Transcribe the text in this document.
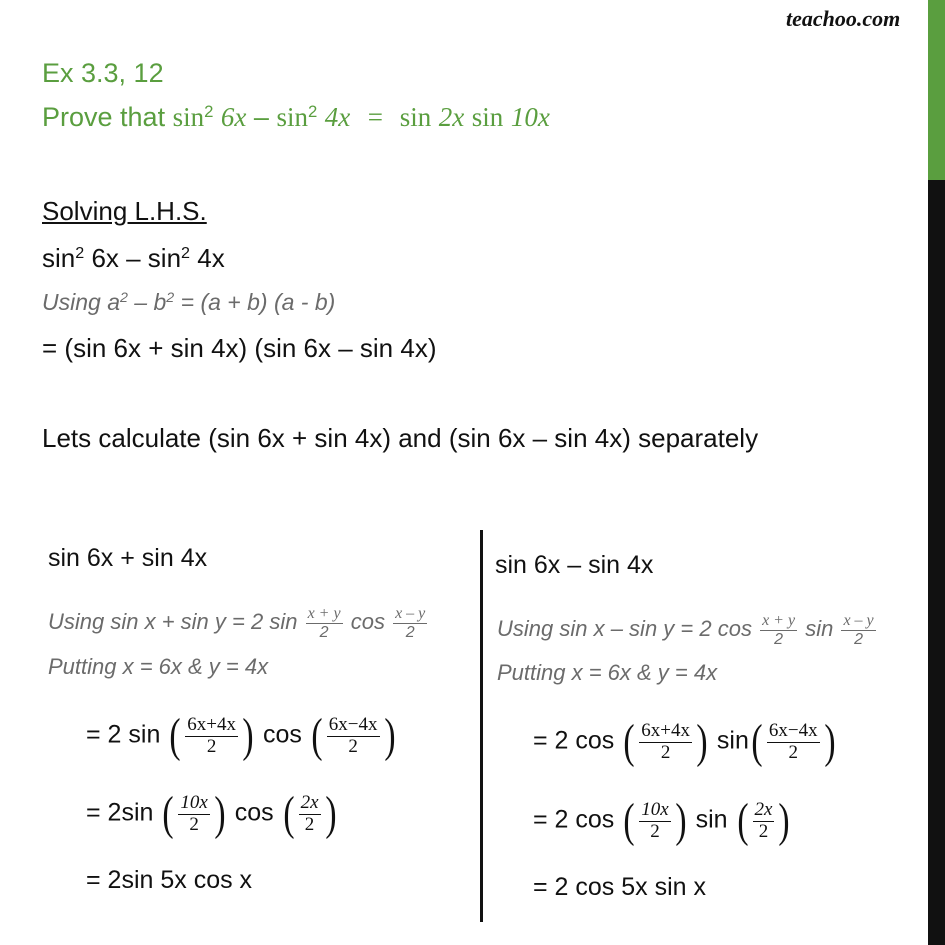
teachoo.com
Ex 3.3, 12
Prove that $\sin^2 6x - \sin^2 4x = \sin 2x$ sin 10x
Solving L.H.S.
$\sin^2 6x - \sin^2 4x$
Using $a^2 - b^2 = (a + b)$ (a - b)
= (sin 6x + sin 4x) (sin 6x – sin 4x)
Lets calculate (sin 6x + sin 4x) and (sin 6x – sin 4x) separately
sin 6x + sin 4x
Using sin x + sin y = 2 $\sin \frac{x + y}{2}$ $\cos \frac{x - y}{2}$
Putting x = 6x & y = 4x
= 2 sin ( $\frac{6x+4x}{2}$ ) cos ( $\frac{6x-4x}{2}$ )
= 2sin ( $\frac{10x}{2}$ ) cos ( $\frac{2x}{2}$ )
= 2sin 5x cos x
sin 6x – sin 4x
Using sin x – sin y = 2 $\cos \frac{x + y}{2}$ $\sin \frac{x - y}{2}$
Putting x = 6x & y = 4x
= 2 cos ( $\frac{6x+4x}{2}$ ) $\sin( \frac{6x-4x}{2}$ )
= 2 cos ( $\frac{10x}{2}$ ) sin ( $\frac{2x}{2}$ )
= 2 cos 5x sin x
